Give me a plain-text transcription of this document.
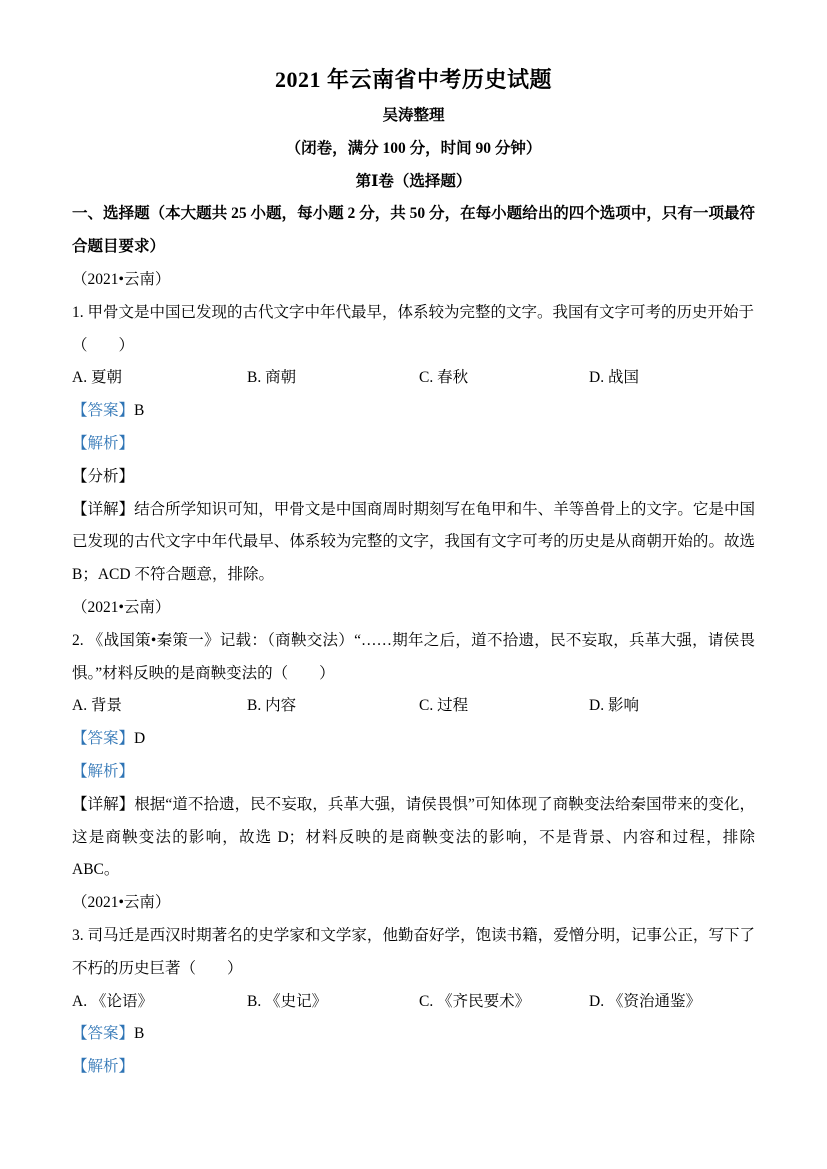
2021 年云南省中考历史试题

吴涛整理

（闭卷，满分 100 分，时间 90 分钟）

第Ⅰ卷（选择题）

一、选择题（本大题共 25 小题，每小题 2 分，共 50 分，在每小题给出的四个选项中，只有一项最符合题目要求）

（2021•云南）

1. 甲骨文是中国已发现的古代文字中年代最早，体系较为完整的文字。我国有文字可考的历史开始于

（　　）

A. 夏朝	B. 商朝	C. 春秋	D. 战国

【答案】B

【解析】

【分析】

【详解】结合所学知识可知，甲骨文是中国商周时期刻写在龟甲和牛、羊等兽骨上的文字。它是中国已发现的古代文字中年代最早、体系较为完整的文字，我国有文字可考的历史是从商朝开始的。故选 B；ACD 不符合题意，排除。

（2021•云南）

2. 《战国策•秦策一》记载：（商鞅交法）“……期年之后，道不拾遗，民不妄取，兵革大强，请侯畏惧。”材料反映的是商鞅变法的（　　）

A. 背景	B. 内容	C. 过程	D. 影响

【答案】D

【解析】

【详解】根据“道不拾遗，民不妄取，兵革大强，请侯畏惧”可知体现了商鞅变法给秦国带来的变化，这是商鞅变法的影响，故选 D；材料反映的是商鞅变法的影响，不是背景、内容和过程，排除 ABC。

（2021•云南）

3. 司马迁是西汉时期著名的史学家和文学家，他勤奋好学，饱读书籍，爱憎分明，记事公正，写下了不朽的历史巨著（　　）

A. 《论语》	B. 《史记》	C. 《齐民要术》	D. 《资治通鉴》

【答案】B

【解析】
